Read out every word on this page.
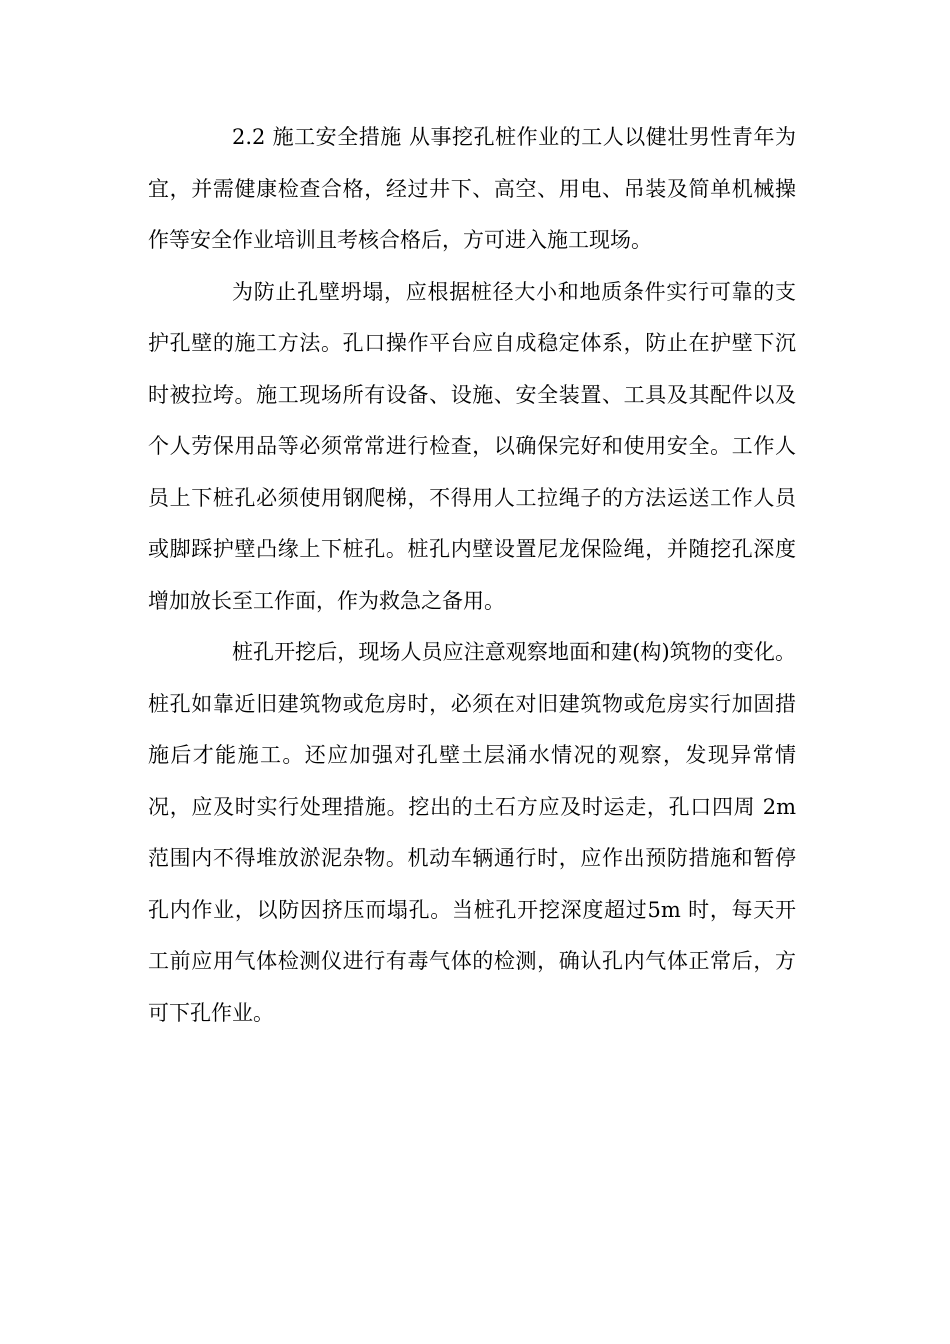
2.2 施工安全措施 从事挖孔桩作业的工人以健壮男性青年为宜，并需健康检查合格，经过井下、高空、用电、吊装及简单机械操作等安全作业培训且考核合格后，方可进入施工现场。

为防止孔壁坍塌，应根据桩径大小和地质条件实行可靠的支护孔壁的施工方法。孔口操作平台应自成稳定体系，防止在护壁下沉时被拉垮。施工现场所有设备、设施、安全装置、工具及其配件以及个人劳保用品等必须常常进行检查，以确保完好和使用安全。工作人员上下桩孔必须使用钢爬梯，不得用人工拉绳子的方法运送工作人员或脚踩护壁凸缘上下桩孔。桩孔内壁设置尼龙保险绳，并随挖孔深度增加放长至工作面，作为救急之备用。

桩孔开挖后，现场人员应注意观察地面和建(构)筑物的变化。桩孔如靠近旧建筑物或危房时，必须在对旧建筑物或危房实行加固措施后才能施工。还应加强对孔壁土层涌水情况的观察，发现异常情况，应及时实行处理措施。挖出的土石方应及时运走，孔口四周 2m 范围内不得堆放淤泥杂物。机动车辆通行时，应作出预防措施和暂停孔内作业，以防因挤压而塌孔。当桩孔开挖深度超过5m 时，每天开工前应用气体检测仪进行有毒气体的检测，确认孔内气体正常后，方可下孔作业。
